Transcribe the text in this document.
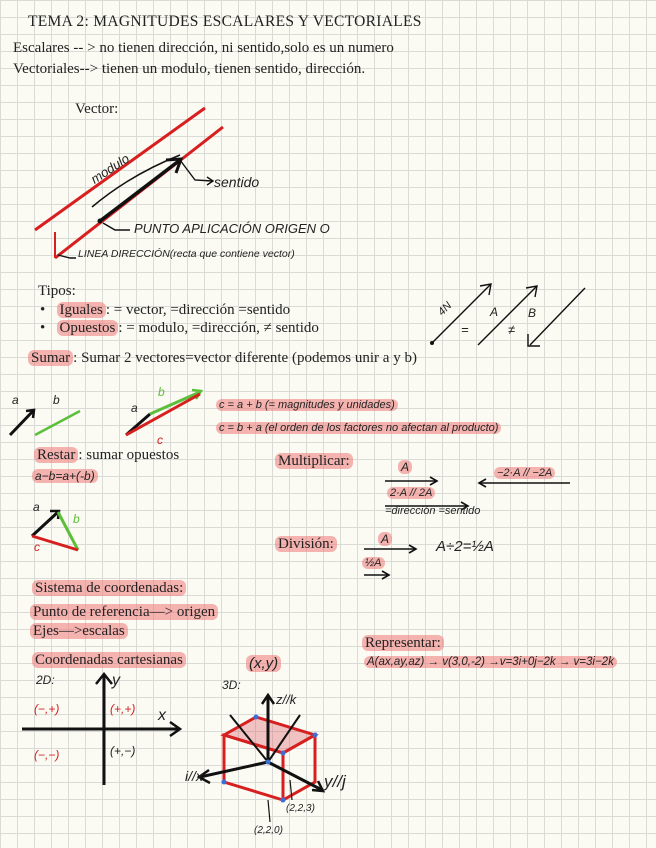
TEMA 2: MAGNITUDES ESCALARES Y VECTORIALES
Escalares -- > no tienen dirección, ni sentido,solo es un numero
Vectoriales--> tienen un modulo, tienen sentido, dirección.
Vector:
modulo	sentido
PUNTO APLICACIÓN ORIGEN O
LINEA DIRECCIÓN(recta que contiene vector)
Tipos:
•   Iguales : = vector, =dirección =sentido
•   Opuestos : = modulo, =dirección, ≠ sentido
4N	A B
=	≠
Sumar : Sumar 2 vectores=vector diferente (podemos unir a y b)
a	b
a
b
c
c = a + b (= magnitudes y unidades)
c = b + a (el orden de los factores no afectan al producto)
Restar : sumar opuestos
a−b=a+(-b)
a
b
c
Multiplicar:	A	−2·A // −2A
2·A // 2A
=dirección =sentido
División:	A
½A
A÷2=½A
Sistema de coordenadas:
Punto de referencia—> origen
Ejes—>escalas
Coordenadas cartesianas	(x,y)
2D:	y
x
(−,+)	(+,+)
(−,−)	(+,−)
3D:
z//k
y//j
i//x
(2,2,3)
(2,2,0)
Representar:
A(ax,ay,az) → v(3,0,-2) →v=3i+0j−2k → v=3i−2k
